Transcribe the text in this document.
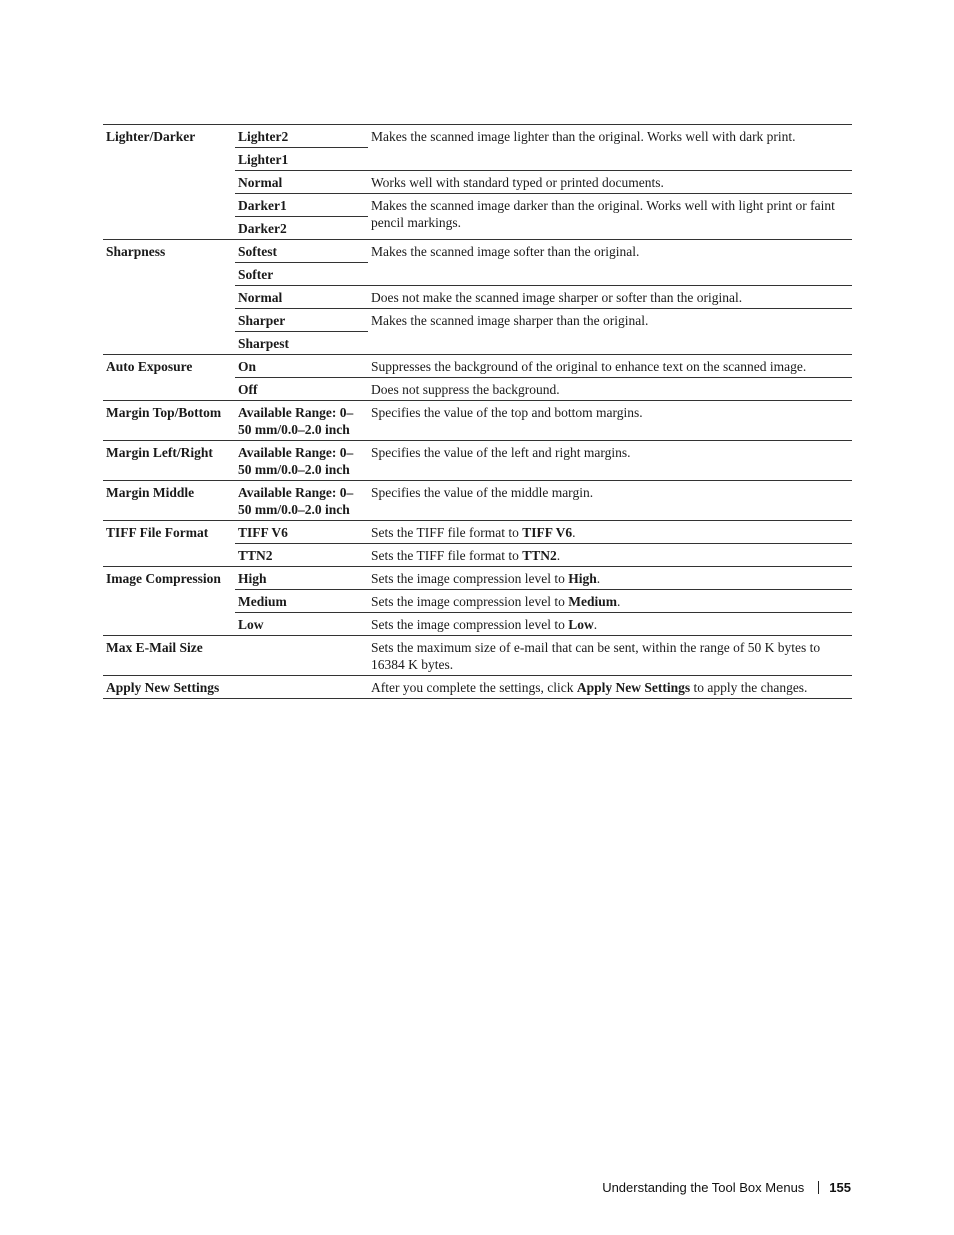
Lighter/Darker	Lighter2	Makes the scanned image lighter than the original. Works well with dark print.
	Lighter1	
	Normal	Works well with standard typed or printed documents.
	Darker1	Makes the scanned image darker than the original. Works well with light print or faint pencil markings.
	Darker2	
Sharpness	Softest	Makes the scanned image softer than the original.
	Softer	
	Normal	Does not make the scanned image sharper or softer than the original.
	Sharper	Makes the scanned image sharper than the original.
	Sharpest	
Auto Exposure	On	Suppresses the background of the original to enhance text on the scanned image.
	Off	Does not suppress the background.
Margin Top/Bottom	Available Range: 0–50 mm/0.0–2.0 inch	Specifies the value of the top and bottom margins.
Margin Left/Right	Available Range: 0–50 mm/0.0–2.0 inch	Specifies the value of the left and right margins.
Margin Middle	Available Range: 0–50 mm/0.0–2.0 inch	Specifies the value of the middle margin.
TIFF File Format	TIFF V6	Sets the TIFF file format to TIFF V6.
	TTN2	Sets the TIFF file format to TTN2.
Image Compression	High	Sets the image compression level to High.
	Medium	Sets the image compression level to Medium.
	Low	Sets the image compression level to Low.
Max E-Mail Size		Sets the maximum size of e-mail that can be sent, within the range of 50 K bytes to 16384 K bytes.
Apply New Settings		After you complete the settings, click Apply New Settings to apply the changes.
Understanding the Tool Box Menus 155
